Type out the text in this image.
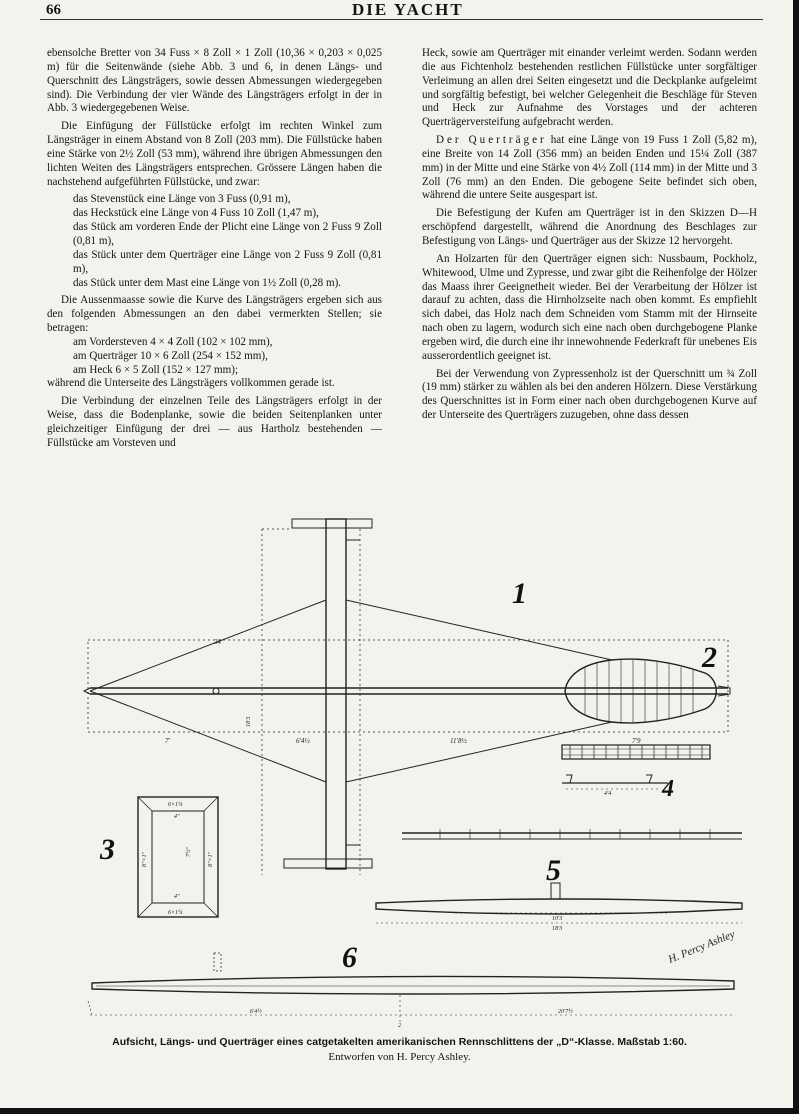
66	DIE YACHT

ebensolche Bretter von 34 Fuss × 8 Zoll × 1 Zoll (10,36 × 0,203 × 0,025 m) für die Seitenwände (siehe Abb. 3 und 6, in denen Längs- und Querschnitt des Längsträgers, sowie dessen Abmessungen wiedergegeben sind). Die Verbindung der vier Wände des Längsträgers erfolgt in der in Abb. 3 wiedergegebenen Weise.

Die Einfügung der Füllstücke erfolgt im rechten Winkel zum Längsträger in einem Abstand von 8 Zoll (203 mm). Die Füllstücke haben eine Stärke von 2½ Zoll (53 mm), während ihre übrigen Abmessungen den lichten Weiten des Längsträgers entsprechen. Grössere Längen haben die nachstehend aufgeführten Füllstücke, und zwar:

das Stevenstück eine Länge von 3 Fuss (0,91 m),

das Heckstück eine Länge von 4 Fuss 10 Zoll (1,47 m),

das Stück am vorderen Ende der Plicht eine Länge von 2 Fuss 9 Zoll (0,81 m),

das Stück unter dem Querträger eine Länge von 2 Fuss 9 Zoll (0,81 m),

das Stück unter dem Mast eine Länge von 1½ Zoll (0,28 m).

Die Aussenmaasse sowie die Kurve des Längsträgers ergeben sich aus den folgenden Abmessungen an den dabei vermerkten Stellen; sie betragen:

am Vordersteven 4 × 4 Zoll (102 × 102 mm),

am Querträger 10 × 6 Zoll (254 × 152 mm),

am Heck 6 × 5 Zoll (152 × 127 mm);

während die Unterseite des Längsträgers vollkommen gerade ist.

Die Verbindung der einzelnen Teile des Längsträgers erfolgt in der Weise, dass die Bodenplanke, sowie die beiden Seitenplanken unter gleichzeitiger Einfügung der drei — aus Hartholz bestehenden — Füllstücke am Vorsteven und

Heck, sowie am Querträger mit einander verleimt werden. Sodann werden die aus Fichtenholz bestehenden restlichen Füllstücke unter sorgfältiger Verleimung an allen drei Seiten eingesetzt und die Deckplanke aufgeleimt und sorgfältig befestigt, bei welcher Gelegenheit die Beschläge für Steven und Heck zur Aufnahme des Vorstages und der achteren Querträgerversteifung aufgebracht werden.

Der Querträger hat eine Länge von 19 Fuss 1 Zoll (5,82 m), eine Breite von 14 Zoll (356 mm) an beiden Enden und 15¼ Zoll (387 mm) in der Mitte und eine Stärke von 4½ Zoll (114 mm) in der Mitte und 3 Zoll (76 mm) an den Enden. Die gebogene Seite befindet sich oben, während die untere Seite ausgespart ist.

Die Befestigung der Kufen am Querträger ist in den Skizzen D—H erschöpfend dargestellt, während die Anordnung des Beschlages zur Befestigung von Längs- und Querträger aus der Skizze 12 hervorgeht.

An Holzarten für den Querträger eignen sich: Nussbaum, Pockholz, Whitewood, Ulme und Zypresse, und zwar gibt die Reihenfolge der Hölzer das Maass ihrer Geeignetheit wieder. Bei der Verarbeitung der Hölzer ist darauf zu achten, dass die Hirnholzseite nach oben kommt. Es empfiehlt sich dabei, das Holz nach dem Schneiden vom Stamm mit der Hirnseite nach oben zu lagern, wodurch sich eine nach oben durchgebogene Planke ergeben wird, die durch eine ihr innewohnende Federkraft für unebenes Eis ausserordentlich geeignet ist.

Bei der Verwendung von Zypressenholz ist der Querschnitt um ¾ Zoll (19 mm) stärker zu wählen als bei den anderen Hölzern. Diese Verstärkung des Querschnittes ist in Form einer nach oben durchgebogenen Kurve auf der Unterseite des Querträgers zuzugeben, ohne dass dessen

34
7'	6'4½	11'8½
18'3
7'9
1
2
4'4 4
6×1¼
4"
8"×1"	7½"	8"×1"
4"
6×1¼
3
10'3
18'3
5
H. Percy Ashley
6'4½	20'7½
2
6
Aufsicht, Längs- und Querträger eines catgetakelten amerikanischen Rennschlittens der „D“-Klasse. Maßstab 1:60.
Entworfen von H. Percy Ashley.
